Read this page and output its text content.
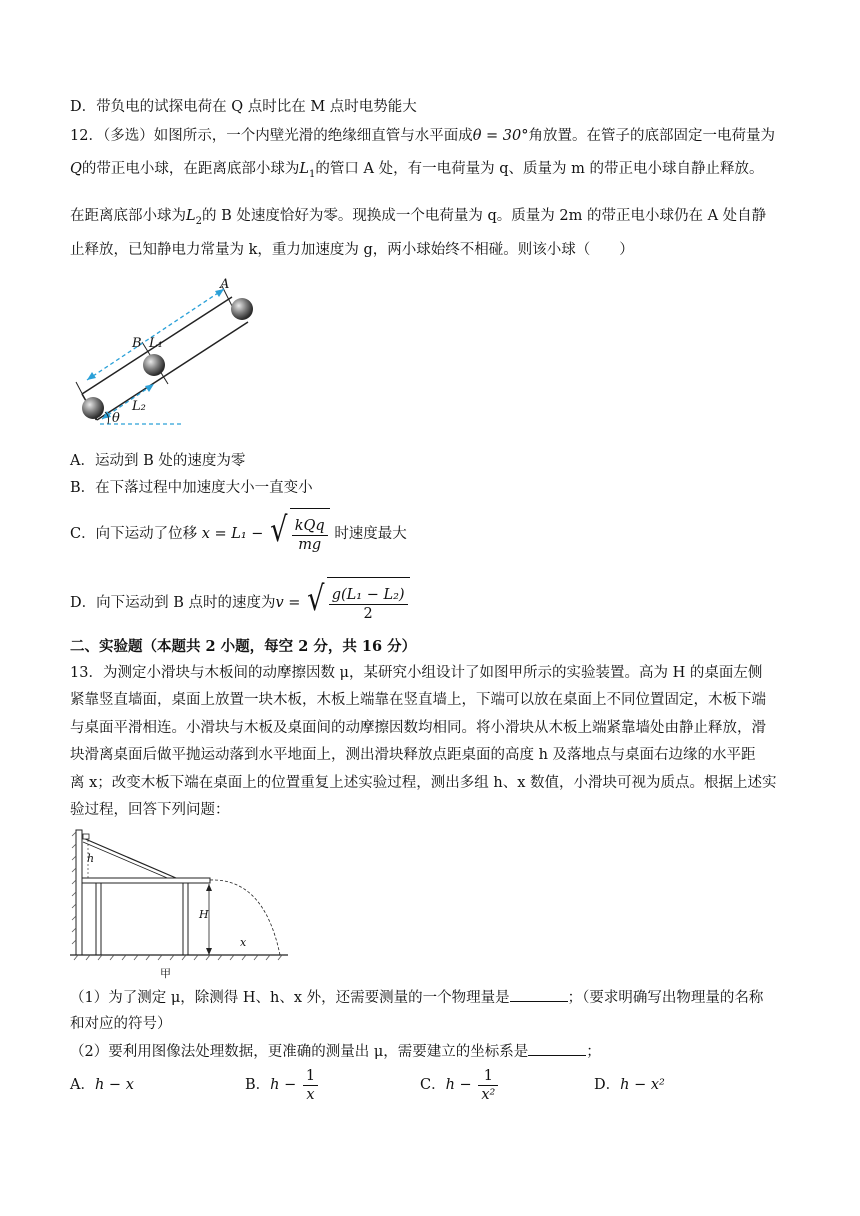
D．带负电的试探电荷在 Q 点时比在 M 点时电势能大
12．（多选）如图所示，一个内壁光滑的绝缘细直管与水平面成θ = 30°角放置。在管子的底部固定一电荷量为
Q的带正电小球，在距离底部小球为$L_1$的管口 A 处，有一电荷量为 q、质量为 m 的带正电小球自静止释放。
在距离底部小球为$L_2$的 B 处速度恰好为零。现换成一个电荷量为 q。质量为 2m 的带正电小球仍在 A 处自静
止释放，已知静电力常量为 k，重力加速度为 g，两小球始终不相碰。则该小球（　　）
A
B L₁
L₂
θ
A．运动到 B 处的速度为零
B．在下落过程中加速度大小一直变小
C．向下运动了位移 x = L₁ − √ $\frac{\text{kQq}}{mg}$ 时速度最大
D．向下运动到 B 点时的速度为v = √ $\frac{\text{g(L₁ − L₂)}}{2}$
二、实验题（本题共 2 小题，每空 2 分，共 16 分）
13．为测定小滑块与木板间的动摩擦因数 μ，某研究小组设计了如图甲所示的实验装置。高为 H 的桌面左侧
紧靠竖直墙面，桌面上放置一块木板，木板上端靠在竖直墙上，下端可以放在桌面上不同位置固定，木板下端
与桌面平滑相连。小滑块与木板及桌面间的动摩擦因数均相同。将小滑块从木板上端紧靠墙处由静止释放，滑
块滑离桌面后做平抛运动落到水平地面上，测出滑块释放点距桌面的高度 h 及落地点与桌面右边缘的水平距
离 x；改变木板下端在桌面上的位置重复上述实验过程，测出多组 h、x 数值，小滑块可视为质点。根据上述实
验过程，回答下列问题：
h
H
x
甲
（1）为了测定 μ，除测得 H、h、x 外，还需要测量的一个物理量是	；（要求明确写出物理量的名称
和对应的符号）
（2）要利用图像法处理数据，更准确的测量出 μ，需要建立的坐标系是	；
A．h − x	B．$h - \frac{1}{x}$	C．$h - \frac{1}{\text{x²}}$	D．h − x²
